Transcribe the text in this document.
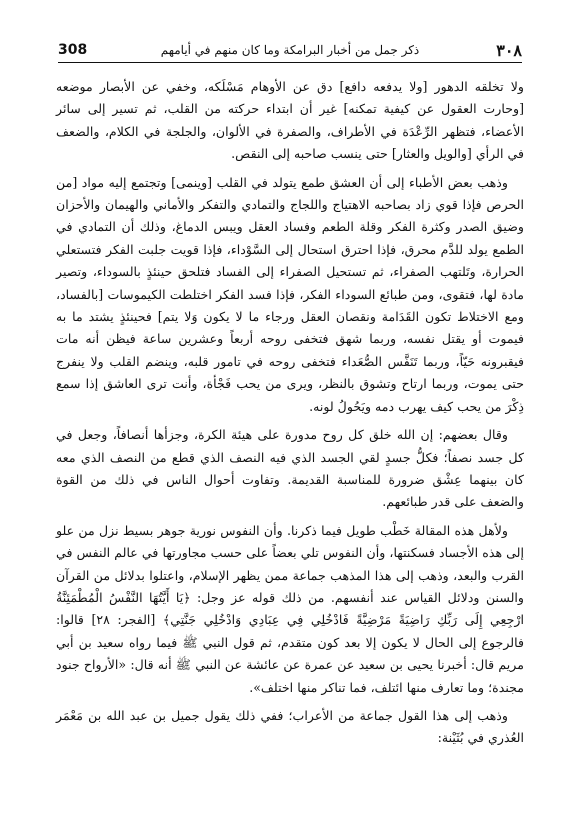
308	ذكر جمل من أخبار البرامكة وما كان منهم في أيامهم	٣٠٨

ولا تخلقه الدهور [ولا يدفعه دافع] دق عن الأوهام مَسْلَكه، وخفي عن الأبصار موضعه [وحارت العقول عن كيفية تمكنه] غير أن ابتداء حركته من القلب، ثم تسير إلى سائر الأعضاء، فتظهر الرِّعْدَة في الأطراف، والصفرة في الألوان، والجلجة في الكلام، والضعف في الرأي [والويل والعثار] حتى ينسب صاحبه إلى النقص.

وذهب بعض الأطباء إلى أن العشق طمع يتولد في القلب [وينمى] وتجتمع إليه مواد [من الحرص فإذا قوي زاد بصاحبه الاهتياج واللجاج والتمادي والتفكر والأماني والهيمان والأحزان وضيق الصدر وكثرة الفكر وقلة الطعم وفساد العقل ويبس الدماغ، وذلك أن التمادي في الطمع يولد للدَّم محرق، فإذا احترق استحال إلى السَّوْداء، فإذا قويت جلبت الفكر فتستعلي الحرارة، وتَلتهب الصفراء، ثم تستحيل الصفراء إلى الفساد فتلحق حينئذٍ بالسوداء، وتصير مادة لها، فتقوى، ومن طبائع السوداء الفكر، فإذا فسد الفكر اختلطت الكيموسات [بالفساد، ومع الاختلاط تكون القَدَامة ونقصان العقل ورجاء ما لا يكون وَلا يتم] فحينئذٍ يشتد ما به فيموت أو يقتل نفسه، وربما شهق فتخفى روحه أربعاً وعشرين ساعة فيظن أنه مات فيقبرونه حَيّاً، وربما تَنَفَّس الصُّعَداء فتخفى روحه في تامور قلبه، وينضم القلب ولا ينفرج حتى يموت، وربما ارتاح وتشوق بالنظر، ويرى من يحب فَجْأة، وأنت ترى العاشق إذا سمع ذِكْرَ من يحب كيف يهرب دمه ويَحُولُ لونه.

وقال بعضهم: إن الله خلق كل روح مدورة على هيئة الكرة، وجزأها أنصافاً، وجعل في كل جسد نصفاً؛ فكلُّ جسدٍ لقي الجسد الذي فيه النصف الذي قطع من النصف الذي معه كان بينهما عِشْق ضرورة للمناسبة القديمة. وتفاوت أحوال الناس في ذلك من القوة والضعف على قدر طبائعهم.

ولأهل هذه المقالة خَطْب طويل فيما ذكرنا. وأن النفوس نورية جوهر بسيط نزل من علو إلى هذه الأجساد فسكنتها، وأن النفوس تلي بعضاً على حسب مجاورتها في عالم النفس في القرب والبعد، وذهب إلى هذا المذهب جماعة ممن يظهر الإسلام، واعتلوا بدلائل من القرآن والسنن ودلائل القياس عند أنفسهم. من ذلك قوله عز وجل: ﴿يَا أَيَّتُهَا النَّفْسُ الْمُطْمَئِنَّةُ ارْجِعِي إِلَى رَبِّكِ رَاضِيَةً مَرْضِيَّةً فَادْخُلِي فِي عِبَادِي وَادْخُلِي جَنَّتِي﴾ [الفجر: ٢٨] قالوا: فالرجوع إلى الحال لا يكون إلا بعد كون متقدم، ثم قول النبي ﷺ فيما رواه سعيد بن أبي مريم قال: أخبرنا يحيى بن سعيد عن عمرة عن عائشة عن النبي ﷺ أنه قال: «الأرواح جنود مجندة؛ وما تعارف منها ائتلف، فما تناكر منها اختلف».

وذهب إلى هذا القول جماعة من الأعراب؛ ففي ذلك يقول جميل بن عبد الله بن مَعْمَر العُذري في بُثَيْنة:
